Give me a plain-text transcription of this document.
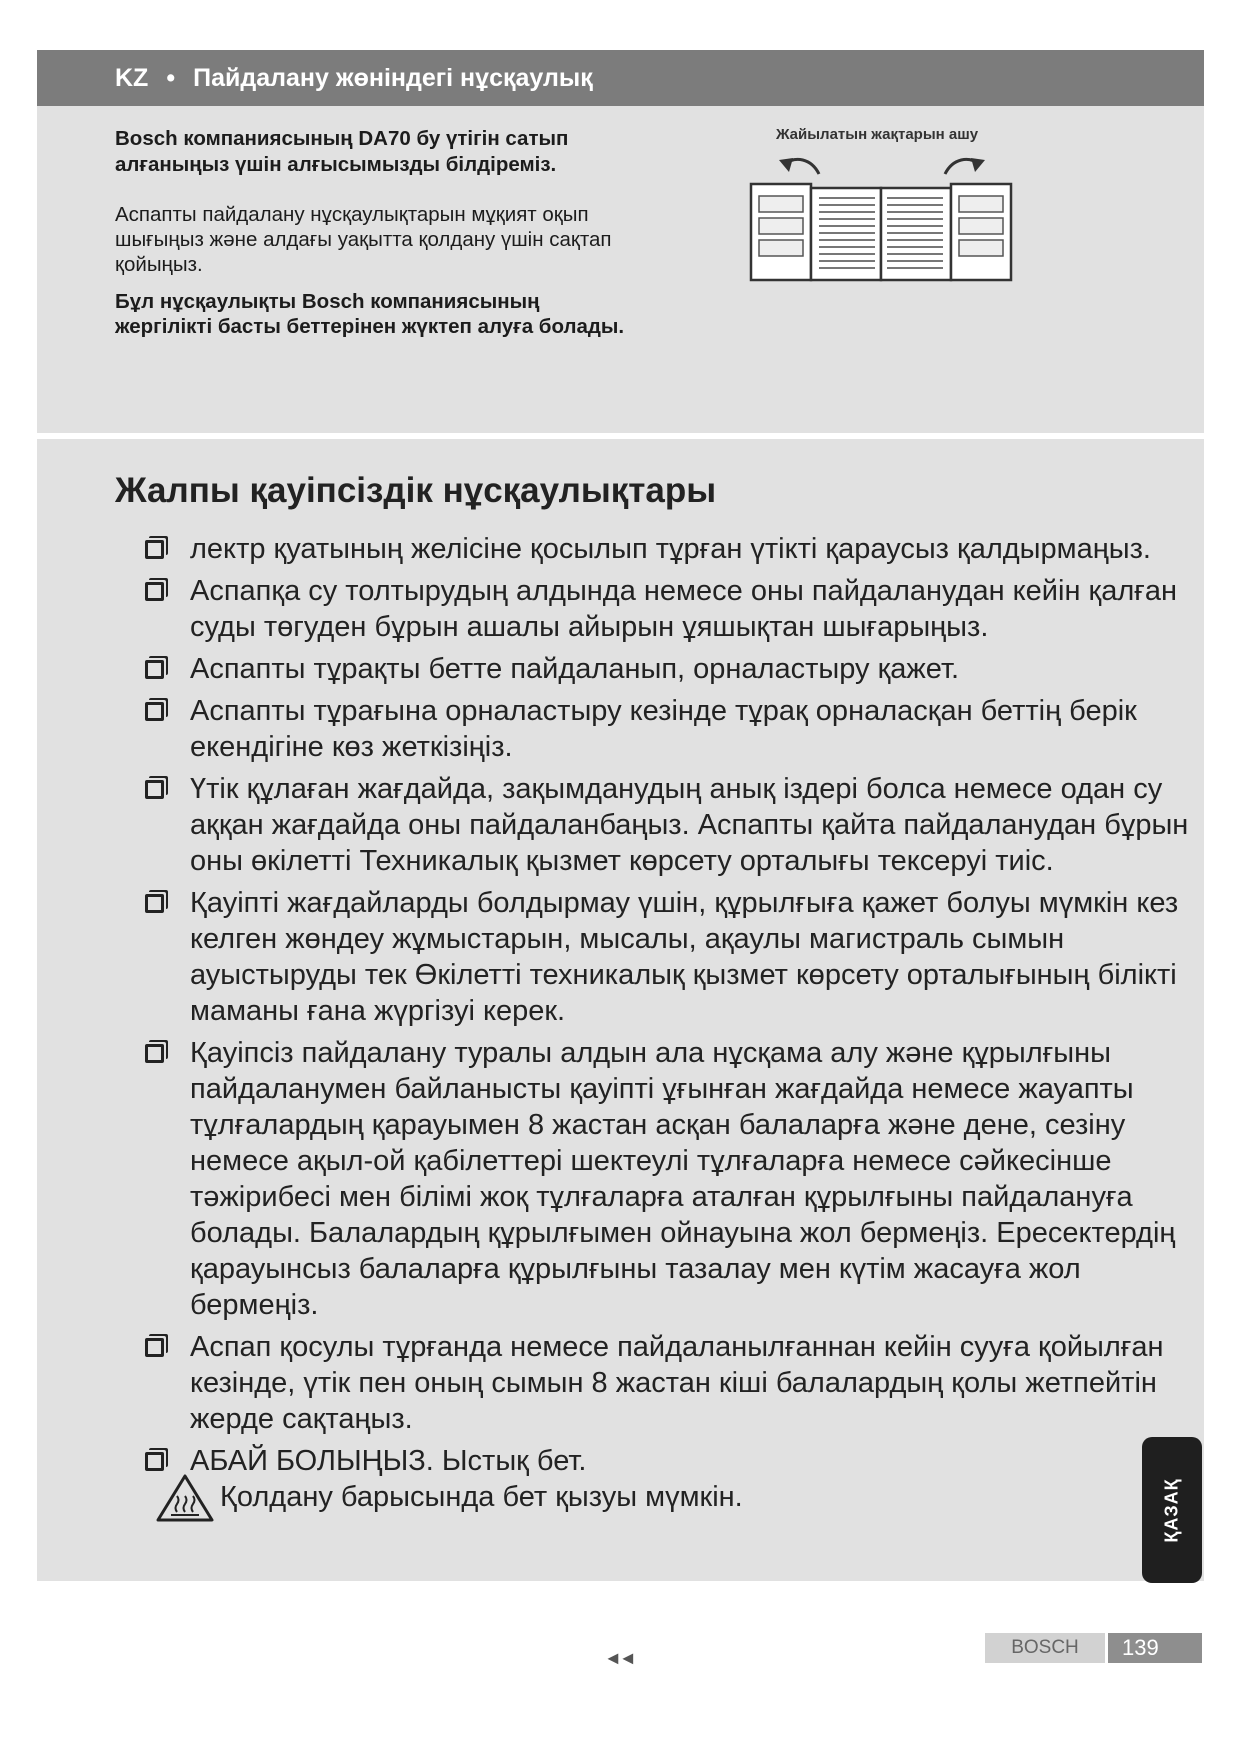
KZ • Пайдалану жөніндегі нұсқаулық

Bosch компаниясының DA70 бу үтігін сатып алғаныңыз үшін алғысымызды білдіреміз.

Аспапты пайдалану нұсқаулықтарын мұқият оқып шығыңыз және алдағы уақытта қолдану үшін сақтап қойыңыз.

Бұл нұсқаулықты Bosch компаниясының жергілікті басты беттерінен жүктеп алуға болады.

Жайылатын жақтарын ашу
Жалпы қауіпсіздік нұсқаулықтары
лектр қуатының желісіне қосылып тұрған үтікті қараусыз қалдырмаңыз.
Аспапқа су толтырудың алдында немесе оны пайдаланудан кейін қалған суды төгуден бұрын ашалы айырын ұяшықтан шығарыңыз.
Аспапты тұрақты бетте пайдаланып, орналастыру қажет.
Аспапты тұрағына орналастыру кезінде тұрақ орналасқан беттің берік екендігіне көз жеткізіңіз.
Үтік құлаған жағдайда, зақымданудың анық іздері болса немесе одан су аққан жағдайда оны пайдаланбаңыз. Аспапты қайта пайдаланудан бұрын оны өкілетті Техникалық қызмет көрсету орталығы тексеруі тиіс.
Қауіпті жағдайларды болдырмау үшін, құрылғыға қажет болуы мүмкін кез келген жөндеу жұмыстарын, мысалы, ақаулы магистраль сымын ауыстыруды тек Өкілетті техникалық қызмет көрсету орталығының білікті маманы ғана жүргізуі керек.
Қауіпсіз пайдалану туралы алдын ала нұсқама алу және құрылғыны пайдаланумен байланысты қауіпті ұғынған жағдайда немесе жауапты тұлғалардың қарауымен 8 жастан асқан балаларға және дене, сезіну немесе ақыл-ой қабілеттері шектеулі тұлғаларға немесе сәйкесінше тәжірибесі мен білімі жоқ тұлғаларға аталған құрылғыны пайдалануға болады. Балалардың құрылғымен ойнауына жол бермеңіз. Ересектердің қарауынсыз балаларға құрылғыны тазалау мен күтім жасауға жол бермеңіз.
Аспап қосулы тұрғанда немесе пайдаланылғаннан кейін сууға қойылған кезінде, үтік пен оның сымын 8 жастан кіші балалардың қолы жетпейтін жерде сақтаңыз.
АБАЙ БОЛЫҢЫЗ. Ыстық бет.
Қолдану барысында бет қызуы мүмкін.	ҚАЗАҚ
◄◄	BOSCH	139
